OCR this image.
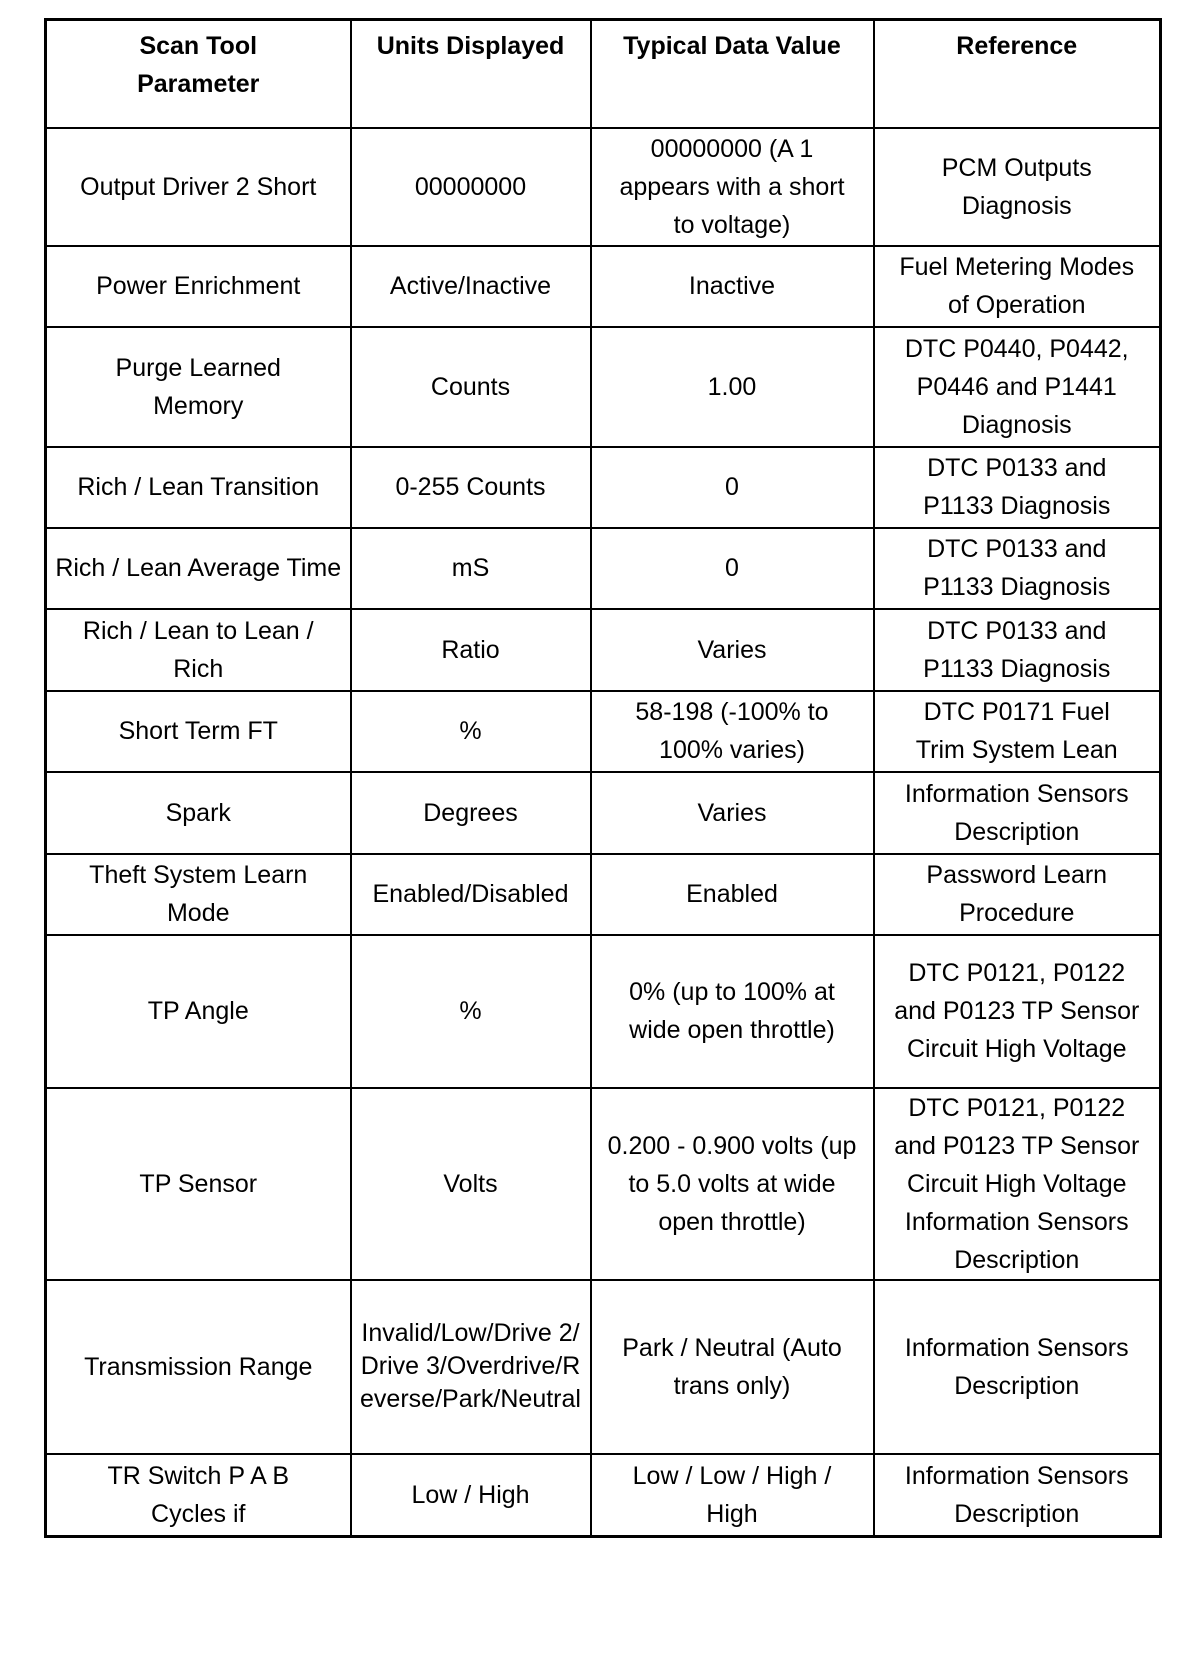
Scan Tool Parameter	Units Displayed	Typical Data Value	Reference
Output Driver 2 Short	00000000	00000000 (A 1 appears with a short to voltage)	PCM Outputs Diagnosis
Power Enrichment	Active/Inactive	Inactive	Fuel Metering Modes of Operation
Purge Learned Memory	Counts	1.00	DTC P0440, P0442, P0446 and P1441 Diagnosis
Rich / Lean Transition	0-255 Counts	0	DTC P0133 and P1133 Diagnosis
Rich / Lean Average Time	mS	0	DTC P0133 and P1133 Diagnosis
Rich / Lean to Lean / Rich	Ratio	Varies	DTC P0133 and P1133 Diagnosis
Short Term FT	%	58-198 (-100% to 100% varies)	DTC P0171 Fuel Trim System Lean
Spark	Degrees	Varies	Information Sensors Description
Theft System Learn Mode	Enabled/Disabled	Enabled	Password Learn Procedure
TP Angle	%	0% (up to 100% at wide open throttle)	DTC P0121, P0122 and P0123 TP Sensor Circuit High Voltage
TP Sensor	Volts	0.200 - 0.900 volts (up to 5.0 volts at wide open throttle)	DTC P0121, P0122 and P0123 TP Sensor Circuit High Voltage Information Sensors Description
Transmission Range	Invalid/Low/Drive 2/Drive 3/Overdrive/Reverse/Park/Neutral	Park / Neutral (Auto trans only)	Information Sensors Description
TR Switch P A B Cycles if	Low / High	Low / Low / High / High	Information Sensors Description
